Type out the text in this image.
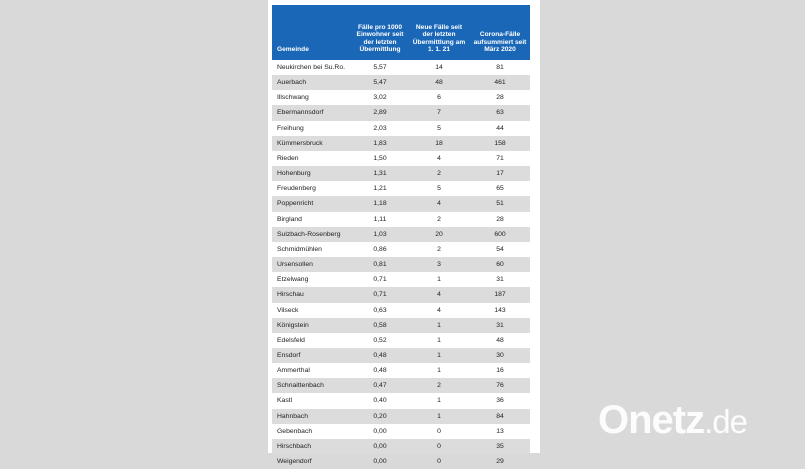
Gemeinde	Fälle pro 1000 Einwohner seit der letzten Übermittlung	Neue Fälle seit der letzten Übermittlung am 1. 1. 21	Corona-Fälle aufsummiert seit März 2020
Neukirchen bei Su.Ro.	5,57	14	81
Auerbach	5,47	48	461
Illschwang	3,02	6	28
Ebermannsdorf	2,89	7	63
Freihung	2,03	5	44
Kümmersbruck	1,83	18	158
Rieden	1,50	4	71
Hohenburg	1,31	2	17
Freudenberg	1,21	5	65
Poppenricht	1,18	4	51
Birgland	1,11	2	28
Sulzbach-Rosenberg	1,03	20	600
Schmidmühlen	0,86	2	54
Ursensollen	0,81	3	60
Etzelwang	0,71	1	31
Hirschau	0,71	4	187
Vilseck	0,63	4	143
Königstein	0,58	1	31
Edelsfeld	0,52	1	48
Ensdorf	0,48	1	30
Ammerthal	0,48	1	16
Schnaittenbach	0,47	2	76
Kastl	0,40	1	36
Hahnbach	0,20	1	84
Gebenbach	0,00	0	13
Hirschbach	0,00	0	35
Weigendorf	0,00	0	29
Onetz.de
